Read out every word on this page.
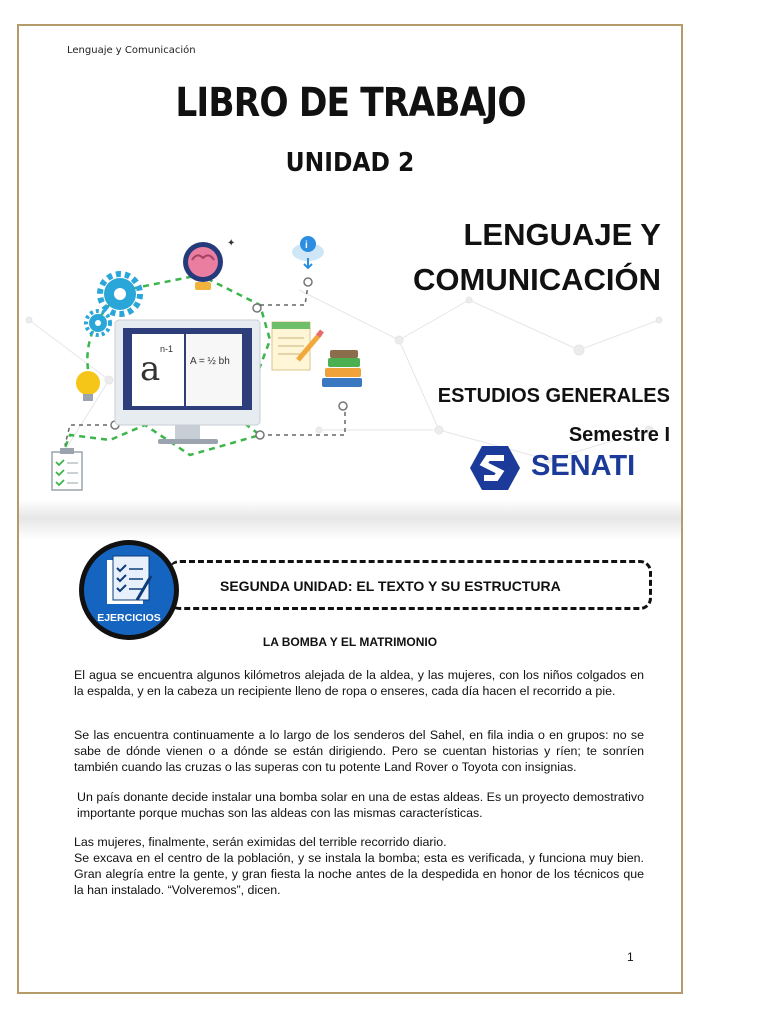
Lenguaje y Comunicación
LIBRO DE TRABAJO
UNIDAD 2
✦	i
a n-1
A = ½ bh
LENGUAJE Y
COMUNICACIÓN
ESTUDIOS GENERALES
Semestre I
SENATI
EJERCICIOS
SEGUNDA UNIDAD: EL TEXTO Y SU ESTRUCTURA
LA BOMBA Y EL MATRIMONIO

El agua se encuentra algunos kilómetros alejada de la aldea, y las mujeres, con los niños colgados en la espalda, y en la cabeza un recipiente lleno de ropa o enseres, cada día hacen el recorrido a pie.

Se las encuentra continuamente a lo largo de los senderos del Sahel, en fila india o en grupos: no se sabe de dónde vienen o a dónde se están dirigiendo. Pero se cuentan historias y ríen; te sonríen también cuando las cruzas o las superas con tu potente Land Rover o Toyota con insignias.

Un país donante decide instalar una bomba solar en una de estas aldeas. Es un proyecto demostrativo importante porque muchas son las aldeas con las mismas características.

Las mujeres, finalmente, serán eximidas del terrible recorrido diario.
Se excava en el centro de la población, y se instala la bomba; esta es verificada, y funciona muy bien. Gran alegría entre la gente, y gran fiesta la noche antes de la despedida en honor de los técnicos que la han instalado. “Volveremos”, dicen.
1
